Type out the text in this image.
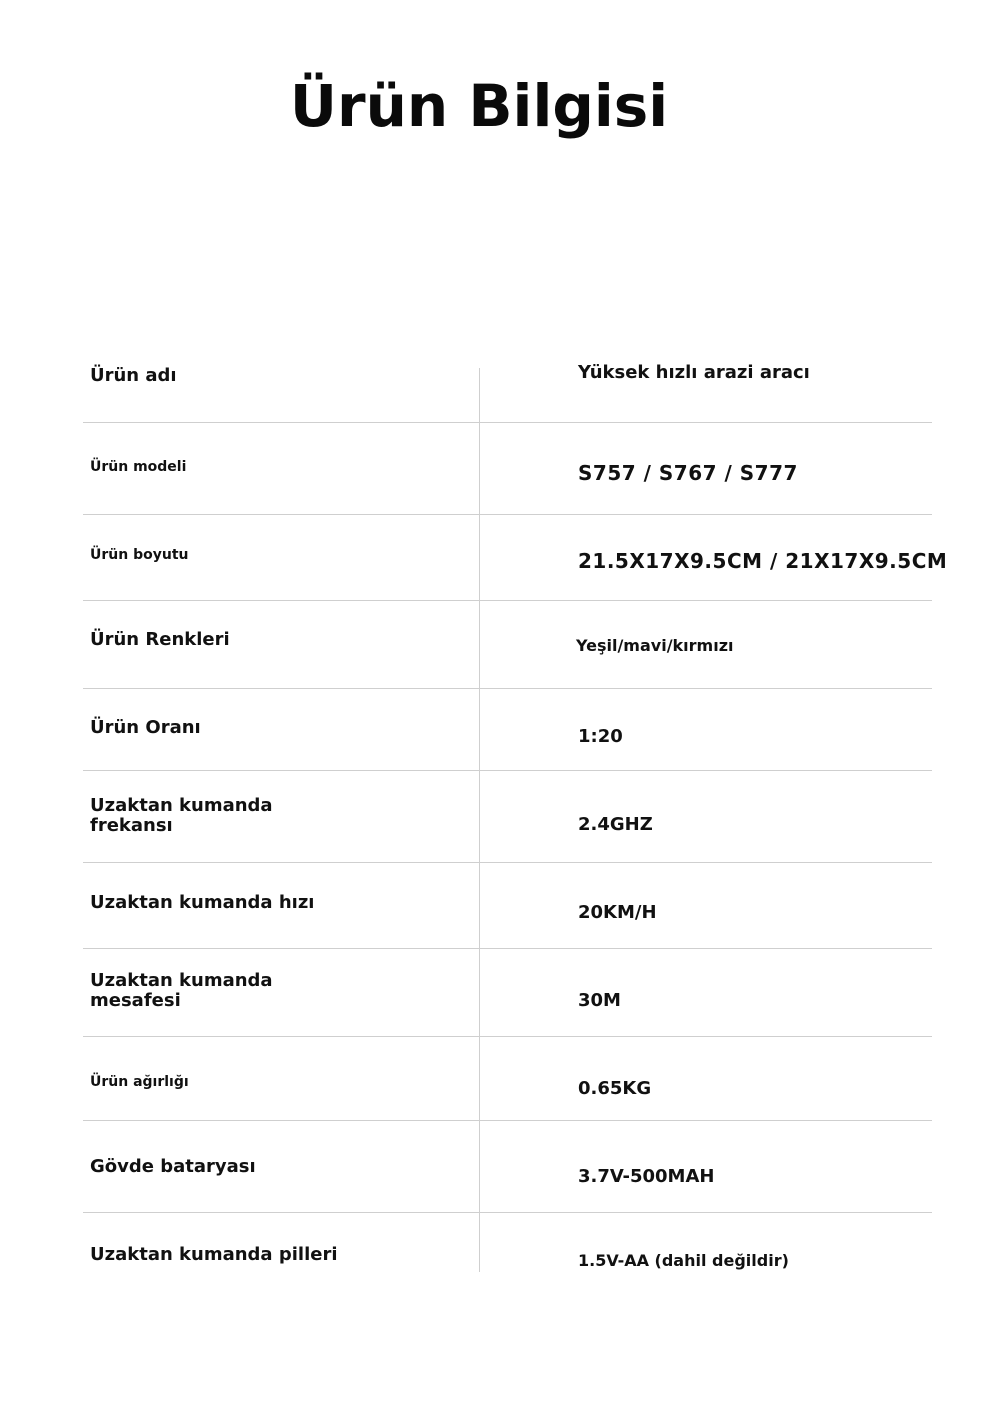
Ürün Bilgisi
Ürün adı	Yüksek hızlı arazi aracı
Ürün modeli	S757 / S767 / S777
Ürün boyutu	21.5X17X9.5CM / 21X17X9.5CM
Ürün Renkleri	Yeşil/mavi/kırmızı
Ürün Oranı	1:20
Uzaktan kumanda frekansı	2.4GHZ
Uzaktan kumanda hızı	20KM/H
Uzaktan kumanda mesafesi	30M
Ürün ağırlığı	0.65KG
Gövde bataryası	3.7V-500MAH
Uzaktan kumanda pilleri	1.5V-AA (dahil değildir)
